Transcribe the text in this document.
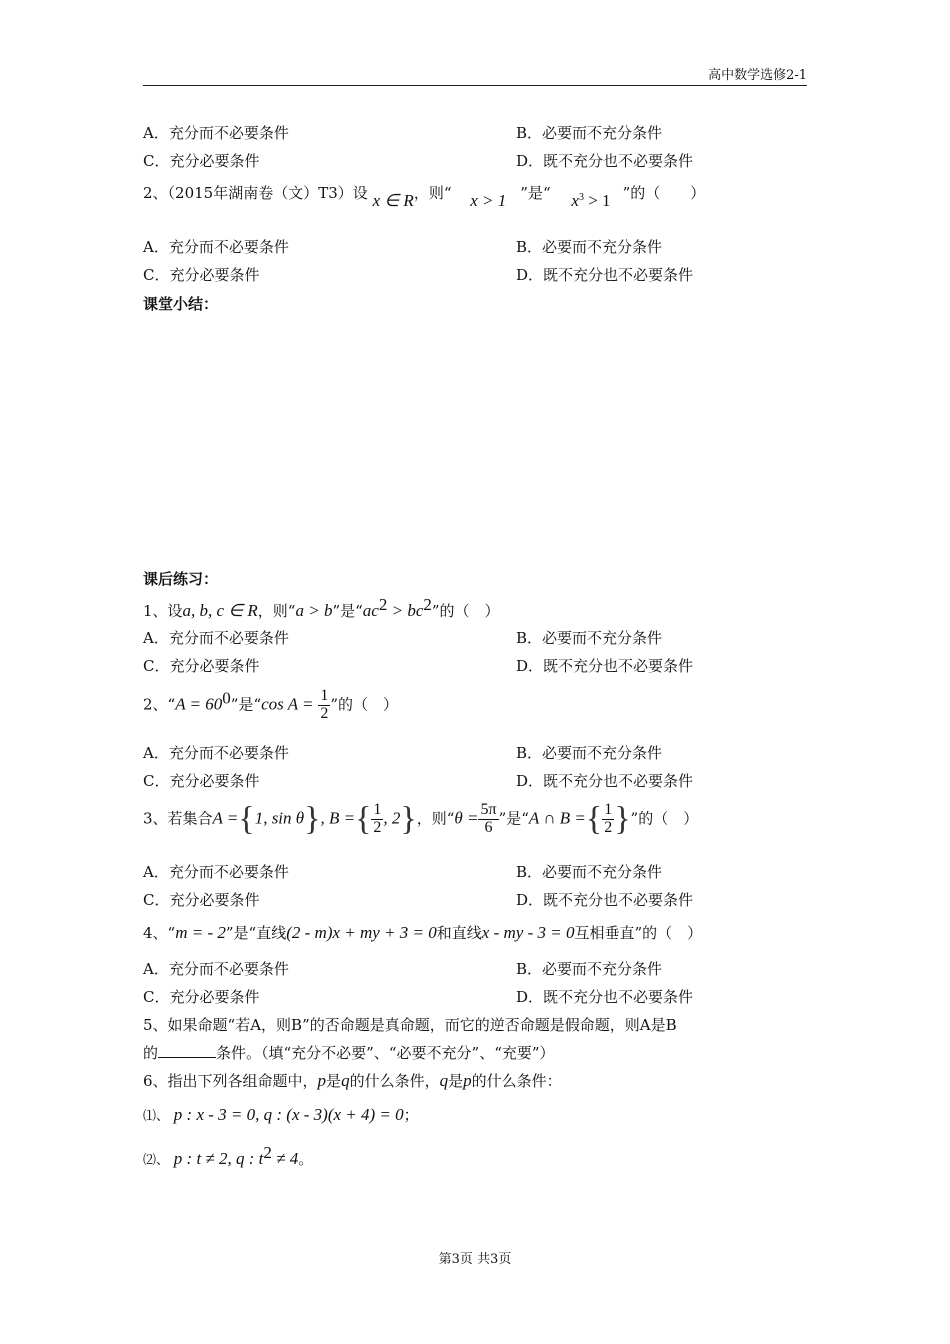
高中数学选修2-1
A．充分而不必要条件	B．必要而不充分条件
C．充分必要条件	D．既不充分也不必要条件
2、（2015年湖南卷（文）T3）设 x ∈ R，则“ x > 1 ”是“ $x^3 > 1$ ”的（　　）
A．充分而不必要条件	B．必要而不充分条件
C．充分必要条件	D．既不充分也不必要条件
课堂小结：
课后练习：
1、设a, b, c ∈ R，则“a > b”是“$ac^2 > bc^2$”的（　）
A．充分而不必要条件	B．必要而不充分条件
C．充分必要条件	D．既不充分也不必要条件
2、“$A = 60^0$”是“cos $A = \frac{1}{2}$ ”的（　）
A．充分而不必要条件	B．必要而不充分条件
C．充分必要条件	D．既不充分也不必要条件
3、若集合A ={1, sin θ}, B ={ $\frac{1}{2}$ , 2}，则“$\theta = \frac{5\pi}{6}$ ”是“A ∩ B ={ $\frac{1}{2}$ }”的（　）
A．充分而不必要条件	B．必要而不充分条件
C．充分必要条件	D．既不充分也不必要条件
4、“m = - 2”是“直线(2 - m)x + my + 3 = 0和直线x - my - 3 = 0互相垂直”的（　）
A．充分而不必要条件	B．必要而不充分条件
C．充分必要条件	D．既不充分也不必要条件
5、如果命题“若A，则B”的否命题是真命题，而它的逆否命题是假命题，则A是B
的	条件。（填“充分不必要”、“必要不充分”、“充要”）
6、指出下列各组命题中，p是q的什么条件，q是p的什么条件：
⑴、 p : x - 3 = 0, q : (x - 3)(x + 4) = 0；
⑵、 p : t ≠ 2, q : $t^2 \ne 4$。
第3页 共3页
